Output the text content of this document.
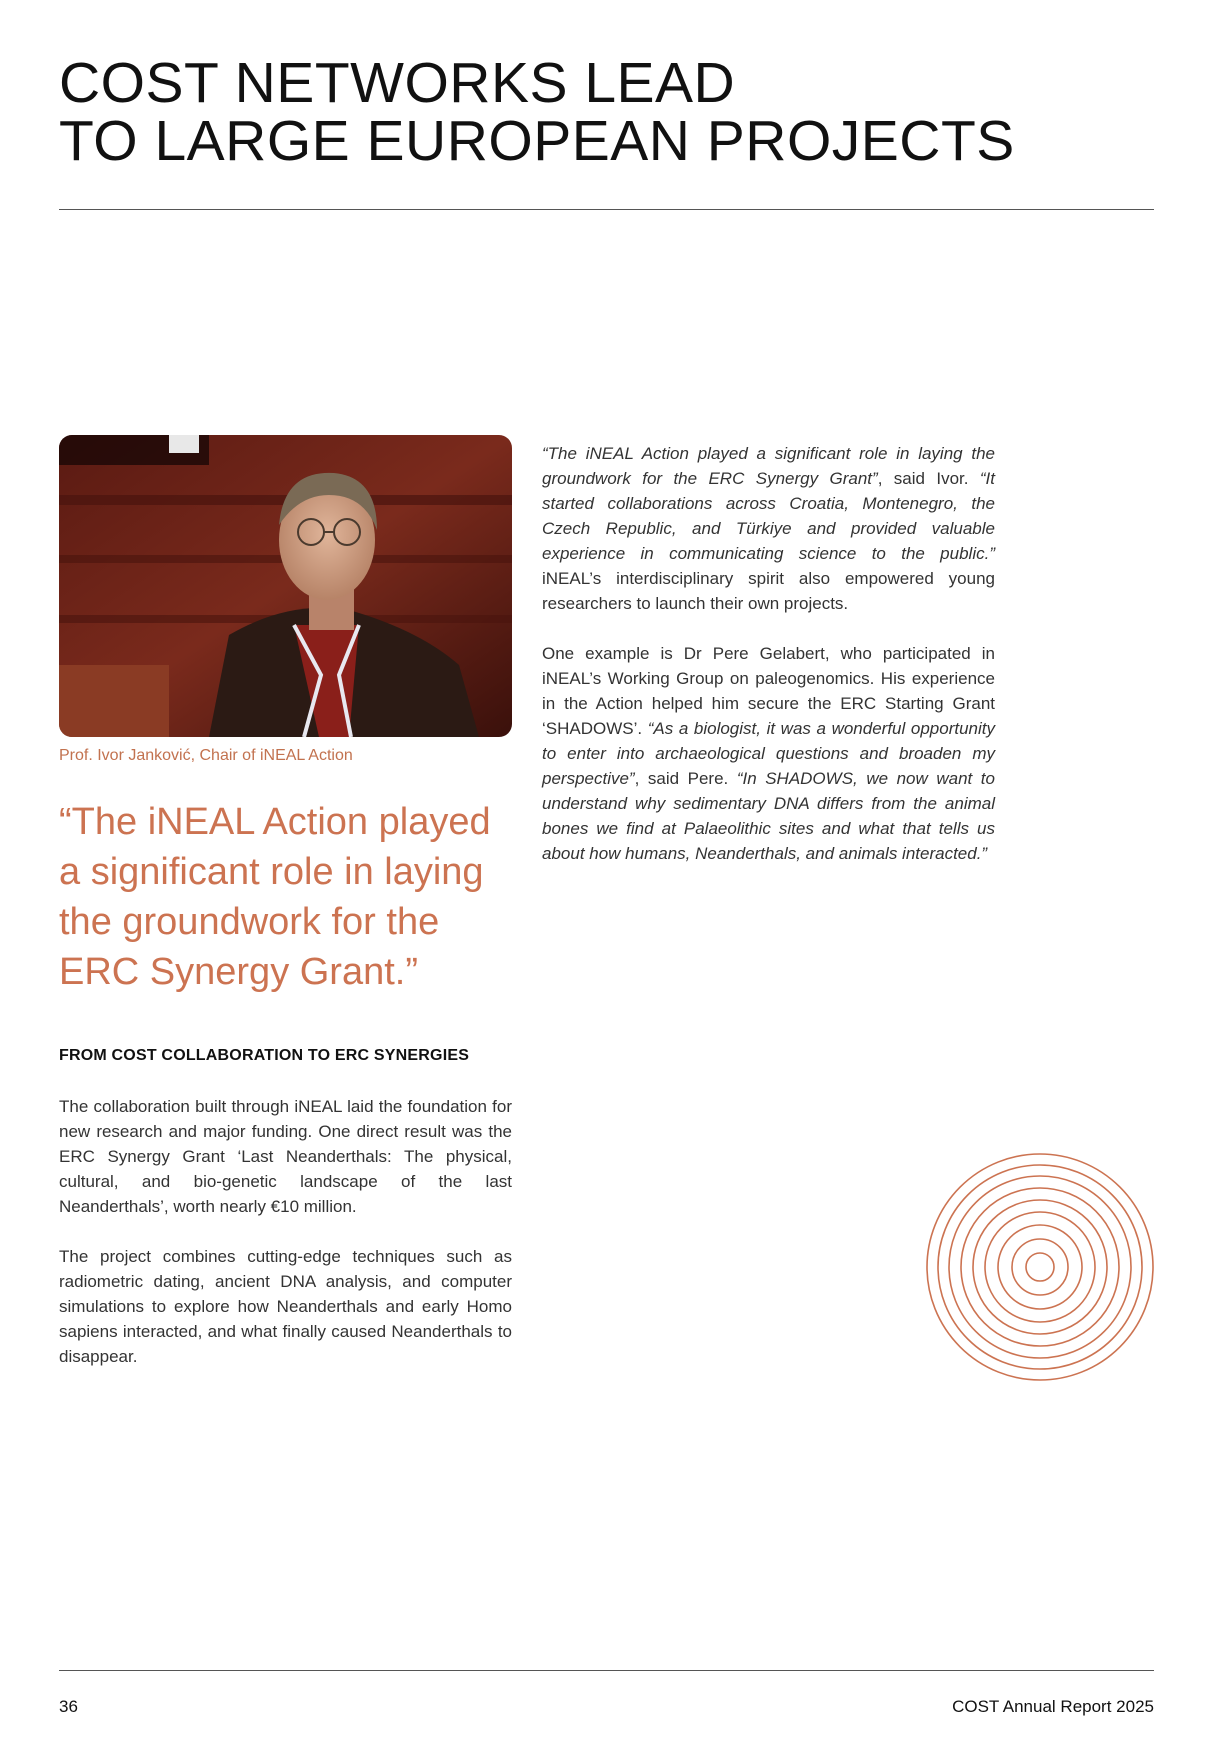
COST NETWORKS LEAD
TO LARGE EUROPEAN PROJECTS
Prof. Ivor Janković, Chair of iNEAL Action

“The iNEAL Action played a significant role in laying the groundwork for the ERC Synergy Grant.”

FROM COST COLLABORATION TO ERC SYNERGIES

The collaboration built through iNEAL laid the foundation for new research and major funding. One direct result was the ERC Synergy Grant ‘Last Neanderthals: The physical, cultural, and bio-genetic landscape of the last Neanderthals’, worth nearly €10 million.

The project combines cutting-edge techniques such as radiometric dating, ancient DNA analysis, and computer simulations to explore how Neanderthals and early Homo sapiens interacted, and what finally caused Neanderthals to disappear.

“The iNEAL Action played a significant role in laying the groundwork for the ERC Synergy Grant”, said Ivor. “It started collaborations across Croatia, Montenegro, the Czech Republic, and Türkiye and provided valuable experience in communicating science to the public.” iNEAL’s interdisciplinary spirit also empowered young researchers to launch their own projects.

One example is Dr Pere Gelabert, who participated in iNEAL’s Working Group on paleogenomics. His experience in the Action helped him secure the ERC Starting Grant ‘SHADOWS’. “As a biologist, it was a wonderful opportunity to enter into archaeological questions and broaden my perspective”, said Pere. “In SHADOWS, we now want to understand why sedimentary DNA differs from the animal bones we find at Palaeolithic sites and what that tells us about how humans, Neanderthals, and animals interacted.”

36	COST Annual Report 2025
